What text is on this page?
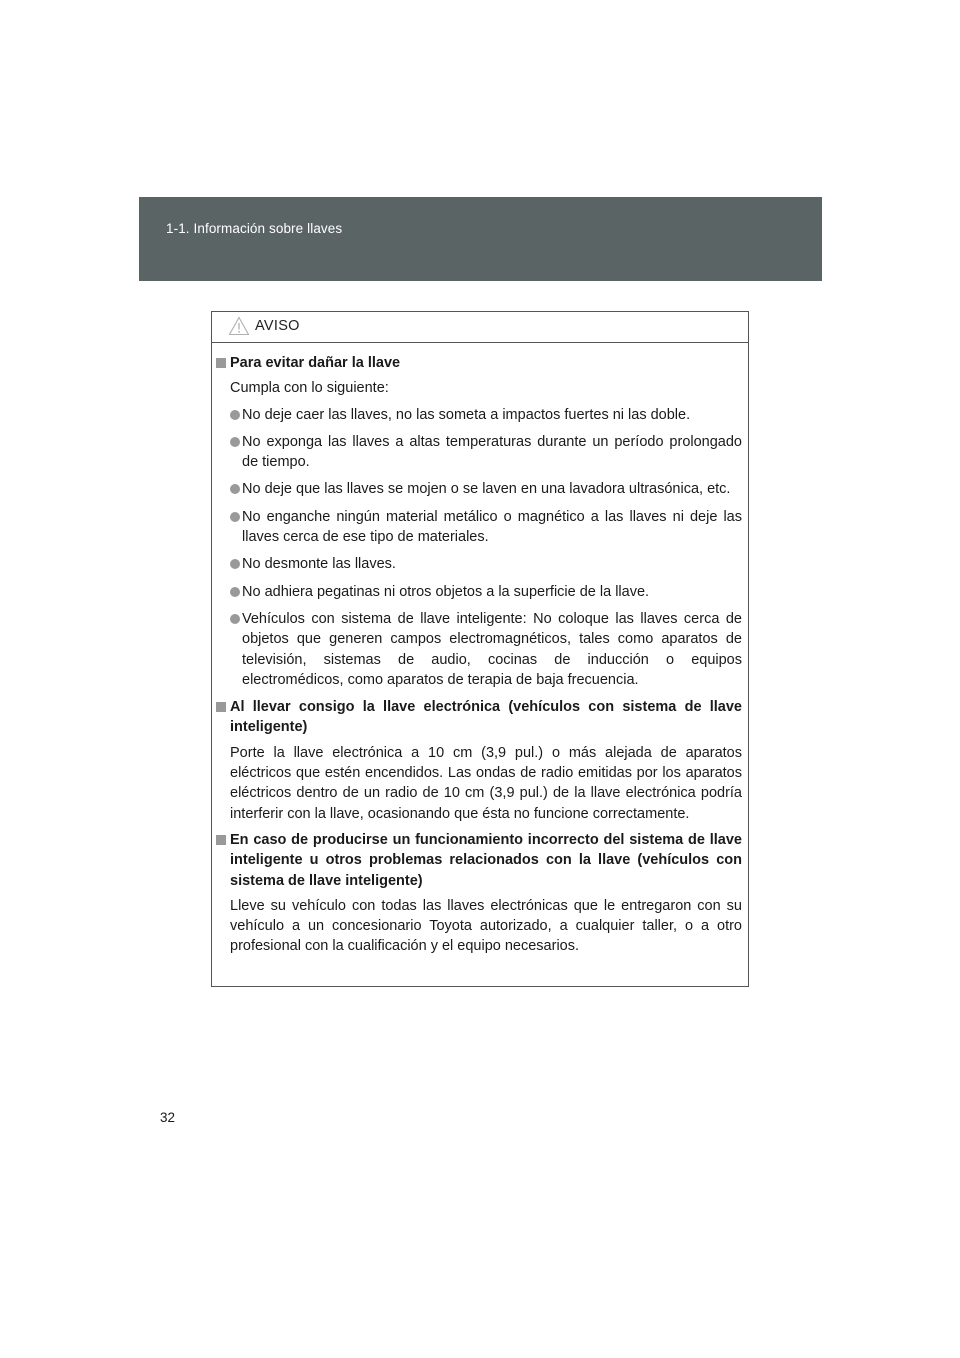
1-1. Información sobre llaves
AVISO
Para evitar dañar la llave
Cumpla con lo siguiente:
No deje caer las llaves, no las someta a impactos fuertes ni las doble.
No exponga las llaves a altas temperaturas durante un período prolongado de tiempo.
No deje que las llaves se mojen o se laven en una lavadora ultrasónica, etc.
No enganche ningún material metálico o magnético a las llaves ni deje las llaves cerca de ese tipo de materiales.
No desmonte las llaves.
No adhiera pegatinas ni otros objetos a la superficie de la llave.
Vehículos con sistema de llave inteligente: No coloque las llaves cerca de objetos que generen campos electromagnéticos, tales como aparatos de televisión, sistemas de audio, cocinas de inducción o equipos electromédicos, como aparatos de terapia de baja frecuencia.
Al llevar consigo la llave electrónica (vehículos con sistema de llave inteligente)
Porte la llave electrónica a 10 cm (3,9 pul.) o más alejada de aparatos eléctricos que estén encendidos. Las ondas de radio emitidas por los aparatos eléctricos dentro de un radio de 10 cm (3,9 pul.) de la llave electrónica podría interferir con la llave, ocasionando que ésta no funcione correctamente.
En caso de producirse un funcionamiento incorrecto del sistema de llave inteligente u otros problemas relacionados con la llave (vehículos con sistema de llave inteligente)
Lleve su vehículo con todas las llaves electrónicas que le entregaron con su vehículo a un concesionario Toyota autorizado, a cualquier taller, o a otro profesional con la cualificación y el equipo necesarios.
32
